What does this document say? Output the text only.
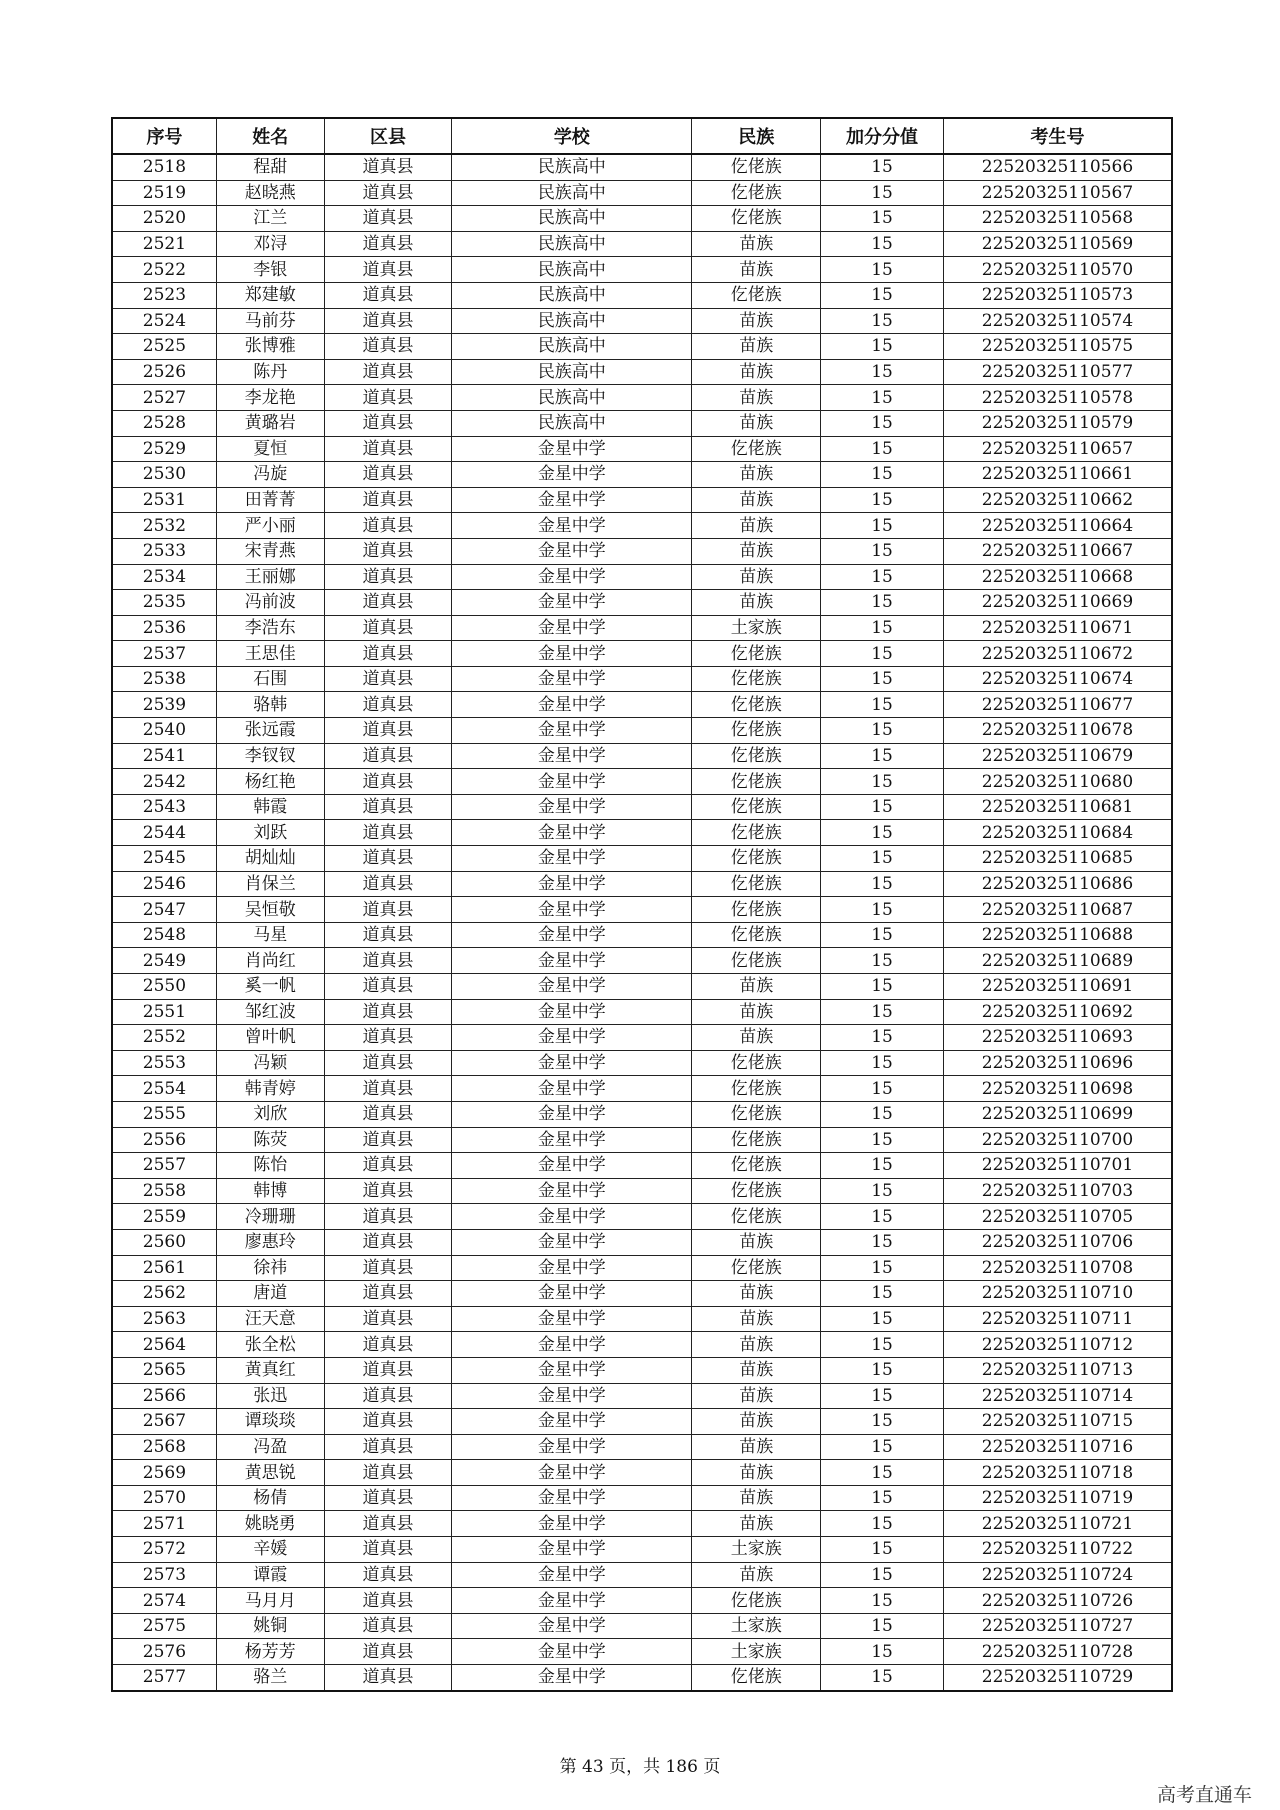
序号	姓名	区县	学校	民族	加分分值	考生号
2518	程甜	道真县	民族高中	仡佬族	15	22520325110566
2519	赵晓燕	道真县	民族高中	仡佬族	15	22520325110567
2520	江兰	道真县	民族高中	仡佬族	15	22520325110568
2521	邓浔	道真县	民族高中	苗族	15	22520325110569
2522	李银	道真县	民族高中	苗族	15	22520325110570
2523	郑建敏	道真县	民族高中	仡佬族	15	22520325110573
2524	马前芬	道真县	民族高中	苗族	15	22520325110574
2525	张博雅	道真县	民族高中	苗族	15	22520325110575
2526	陈丹	道真县	民族高中	苗族	15	22520325110577
2527	李龙艳	道真县	民族高中	苗族	15	22520325110578
2528	黄璐岩	道真县	民族高中	苗族	15	22520325110579
2529	夏恒	道真县	金星中学	仡佬族	15	22520325110657
2530	冯旋	道真县	金星中学	苗族	15	22520325110661
2531	田菁菁	道真县	金星中学	苗族	15	22520325110662
2532	严小丽	道真县	金星中学	苗族	15	22520325110664
2533	宋青燕	道真县	金星中学	苗族	15	22520325110667
2534	王丽娜	道真县	金星中学	苗族	15	22520325110668
2535	冯前波	道真县	金星中学	苗族	15	22520325110669
2536	李浩东	道真县	金星中学	土家族	15	22520325110671
2537	王思佳	道真县	金星中学	仡佬族	15	22520325110672
2538	石围	道真县	金星中学	仡佬族	15	22520325110674
2539	骆韩	道真县	金星中学	仡佬族	15	22520325110677
2540	张远霞	道真县	金星中学	仡佬族	15	22520325110678
2541	李钗钗	道真县	金星中学	仡佬族	15	22520325110679
2542	杨红艳	道真县	金星中学	仡佬族	15	22520325110680
2543	韩霞	道真县	金星中学	仡佬族	15	22520325110681
2544	刘跃	道真县	金星中学	仡佬族	15	22520325110684
2545	胡灿灿	道真县	金星中学	仡佬族	15	22520325110685
2546	肖保兰	道真县	金星中学	仡佬族	15	22520325110686
2547	吴恒敬	道真县	金星中学	仡佬族	15	22520325110687
2548	马星	道真县	金星中学	仡佬族	15	22520325110688
2549	肖尚红	道真县	金星中学	仡佬族	15	22520325110689
2550	奚一帆	道真县	金星中学	苗族	15	22520325110691
2551	邹红波	道真县	金星中学	苗族	15	22520325110692
2552	曾叶帆	道真县	金星中学	苗族	15	22520325110693
2553	冯颖	道真县	金星中学	仡佬族	15	22520325110696
2554	韩青婷	道真县	金星中学	仡佬族	15	22520325110698
2555	刘欣	道真县	金星中学	仡佬族	15	22520325110699
2556	陈荧	道真县	金星中学	仡佬族	15	22520325110700
2557	陈怡	道真县	金星中学	仡佬族	15	22520325110701
2558	韩博	道真县	金星中学	仡佬族	15	22520325110703
2559	冷珊珊	道真县	金星中学	仡佬族	15	22520325110705
2560	廖惠玲	道真县	金星中学	苗族	15	22520325110706
2561	徐祎	道真县	金星中学	仡佬族	15	22520325110708
2562	唐道	道真县	金星中学	苗族	15	22520325110710
2563	汪天意	道真县	金星中学	苗族	15	22520325110711
2564	张全松	道真县	金星中学	苗族	15	22520325110712
2565	黄真红	道真县	金星中学	苗族	15	22520325110713
2566	张迅	道真县	金星中学	苗族	15	22520325110714
2567	谭琰琰	道真县	金星中学	苗族	15	22520325110715
2568	冯盈	道真县	金星中学	苗族	15	22520325110716
2569	黄思锐	道真县	金星中学	苗族	15	22520325110718
2570	杨倩	道真县	金星中学	苗族	15	22520325110719
2571	姚晓勇	道真县	金星中学	苗族	15	22520325110721
2572	辛媛	道真县	金星中学	土家族	15	22520325110722
2573	谭霞	道真县	金星中学	苗族	15	22520325110724
2574	马月月	道真县	金星中学	仡佬族	15	22520325110726
2575	姚铜	道真县	金星中学	土家族	15	22520325110727
2576	杨芳芳	道真县	金星中学	土家族	15	22520325110728
2577	骆兰	道真县	金星中学	仡佬族	15	22520325110729
第 43 页，共 186 页
高考直通车
